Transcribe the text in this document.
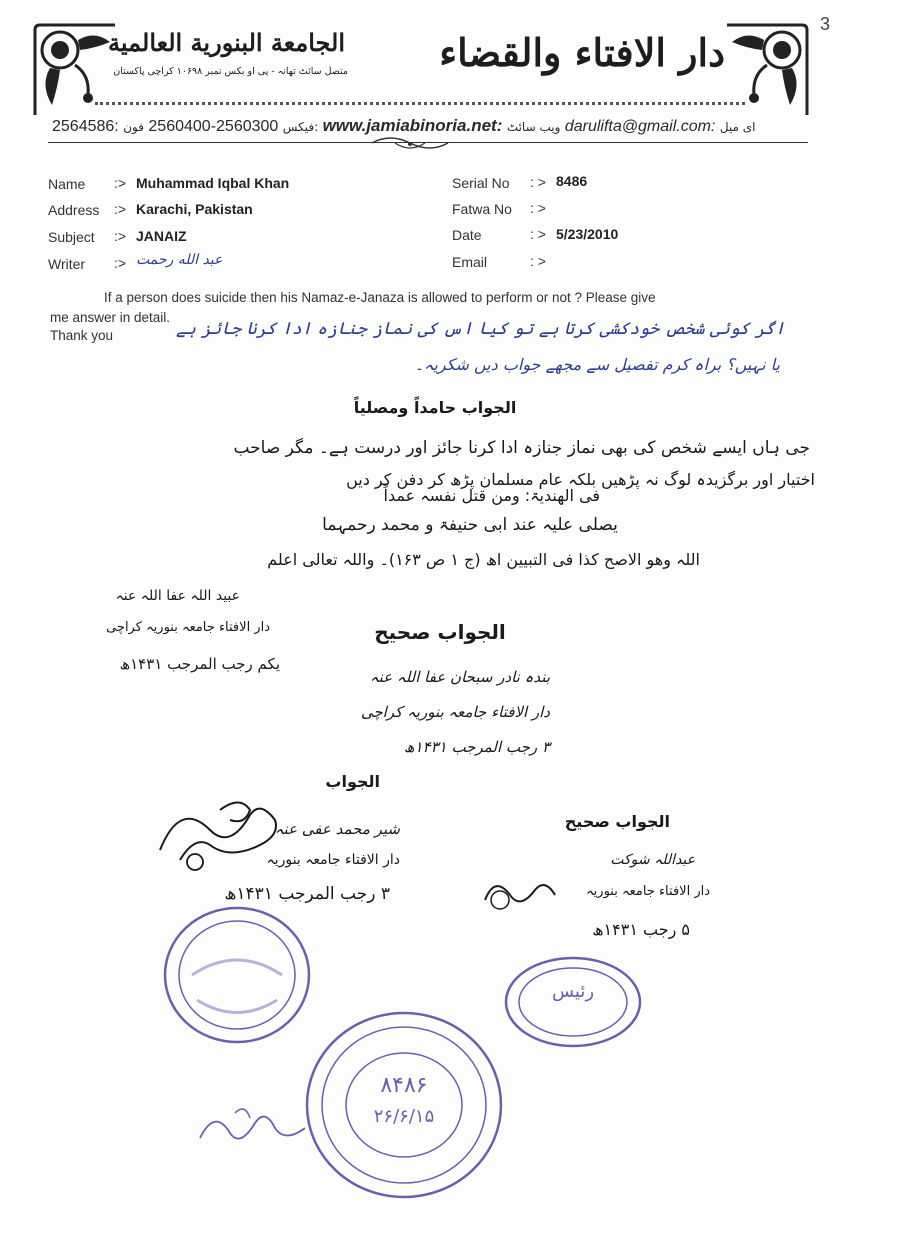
3
الجامعة البنورية العالمية
متصل سائٹ تھانہ - پی او بکس نمبر ۱۰۶۹۸ کراچی پاکستان دار الافتاء والقضاء
2564586:	فیکس 2560300-2560400 فون: www.jamiabinoria.net: ویب سائٹ darulifta@gmail.com: ای میل
Name :> Muhammad Iqbal Khan
Address :> Karachi, Pakistan
Subject :> JANAIZ
Writer :> عبد الله رحمت
Serial No : > 8486
Fatwa No : >
Date	: > 5/23/2010
Email	: >
If a person does suicide then his Namaz-e-Janaza is allowed to perform or not ? Please give
me answer in detail.
Thank you	اگر کوئی شخص خودکشی کرتا ہے تو کیا اس کی نماز جنازہ ادا کرنا جائز ہے
یا نہیں؟ براہ کرم تفصیل سے مجھے جواب دیں شکریہ۔
الجواب حامداً ومصلیاً
جی ہاں ایسے شخص کی بھی نماز جنازہ ادا کرنا جائز اور درست ہے۔ مگر صاحب
اختیار اور برگزیدہ لوگ نہ پڑھیں بلکہ عام مسلمان پڑھ کر دفن کر دیں
فی الھندیۃ: ومن قتل نفسہ عمداً
یصلی علیہ عند ابی حنیفۃ و محمد رحمہما
اللہ وھو الاصح کذا فی التبیین اھ (ج ۱ ص ۱۶۳)۔ واللہ تعالی اعلم
عبید اللہ عفا اللہ عنہ
دار الافتاء جامعہ بنوریہ کراچی
یکم رجب المرجب ۱۴۳۱ھ
الجواب صحیح
بندہ نادر سبحان عفا اللہ عنہ
دار الافتاء جامعہ بنوریہ کراچی
۳ رجب المرجب ۱۴۳۱ھ
الجواب
شیر محمد عفی عنہ
دار الافتاء جامعہ بنوریہ
۳ رجب المرجب ۱۴۳۱ھ
الجواب صحیح
عبداللہ شوکت
دار الافتاء جامعہ بنوریہ
۵ رجب ۱۴۳۱ھ
رئیس
۸۴۸۶
۲۶/۶/۱۵
